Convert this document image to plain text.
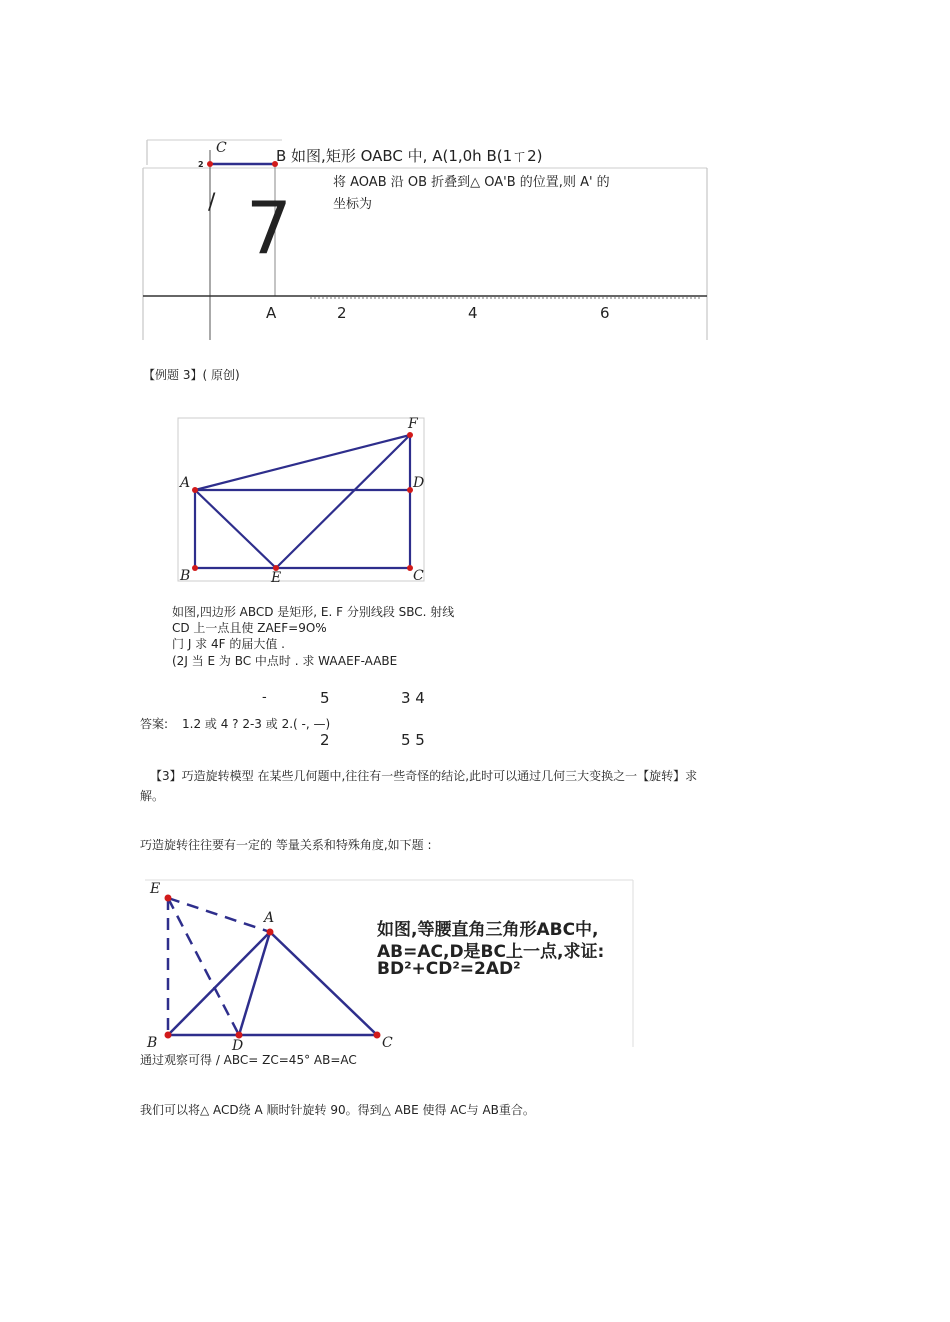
C
2	B 如图,矩形 OABC 中, A(1,0h B(1ㄒ2)
将 AOAB 沿 OB 折叠到△ OA'B 的位置,则 A' 的
坐标为
/ 7
A	2	4	6
【例题 3】( 原创)
F
A	D
B	E	C
如图,四边形 ABCD 是矩形, E. F 分别线段 SBC. 射线
CD 上一点且使 ZAEF=9O%
门 J 求 4F 的届大值 .
(2J 当 E 为 BC 中点时 . 求 WAAEF-AABE
-	5	3 4
答案: 1.2 或 4 ? 2-3 或 2.( -, —)
2	5 5
【3】巧造旋转模型 在某些几何题中,往往有一些奇怪的结论,此时可以通过几何三大变换之一【旋转】求
解。
巧造旋转往往要有一定的 等量关系和特殊角度,如下题 :
E
A
B	D	C
如图,等腰直角三角形ABC中,
AB=AC,D是BC上一点,求证:
BD²+CD²=2AD²
通过观察可得 / ABC= ZC=45° AB=AC
我们可以将△ ACD绕 A 顺时针旋转 90。得到△ ABE 使得 AC与 AB重合。
